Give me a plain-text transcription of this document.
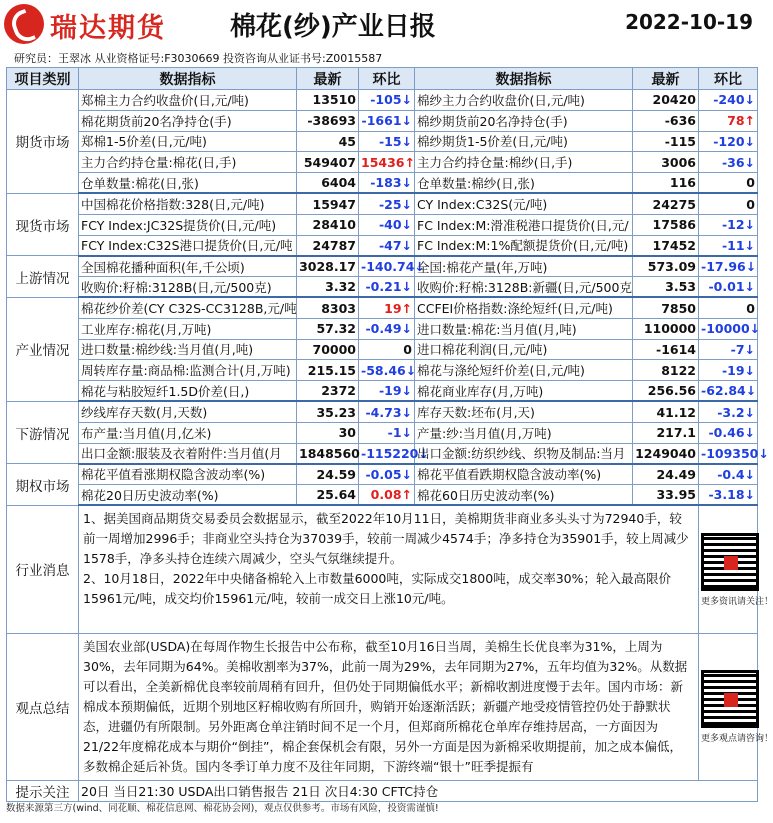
瑞达期货 棉花(纱)产业日报	2022-10-19
研究员：王翠冰 从业资格证号:F3030669 投资咨询从业证书号:Z0015587
项目类别	数据指标	最新	环比	数据指标	最新	环比
期货市场	郑棉主力合约收盘价(日,元/吨)	13510	-105↓	棉纱主力合约收盘价(日,元/吨)	20420	-240↓
	棉花期货前20名净持仓(手)	-38693	-1661↓	棉纱期货前20名净持仓(手)	-636	78↑
	郑棉1-5价差(日,元/吨)	45	-15↓	棉纱期货1-5价差(日,元/吨)	-115	-120↓
	主力合约持仓量:棉花(日,手)	549407	15436↑	主力合约持仓量:棉纱(日,手)	3006	-36↓
	仓单数量:棉花(日,张)	6404	-183↓	仓单数量:棉纱(日,张)	116	0
现货市场	中国棉花价格指数:328(日,元/吨)	15947	-25↓	CY Index:C32S(元/吨)	24275	0
	FCY Index:JC32S提货价(日,元/吨)	28410	-40↓	FC Index:M:滑准税港口提货价(日,元/	17586	-12↓
	FCY Index:C32S港口提货价(日,元/吨	24787	-47↓	FC Index:M:1%配额提货价(日,元/吨)	17452	-11↓
上游情况	全国棉花播种面积(年,千公顷)	3028.17	-140.74↓	全国:棉花产量(年,万吨)	573.09	-17.96↓
	收购价:籽棉:3128B(日,元/500克)	3.32	-0.21↓	收购价:籽棉:3128B:新疆(日,元/500克	3.53	-0.01↓
产业情况	棉花纱价差(CY C32S-CC3128B,元/吨	8303	19↑	CCFEI价格指数:涤纶短纤(日,元/吨)	7850	0
	工业库存:棉花(月,万吨)	57.32	-0.49↓	进口数量:棉花:当月值(月,吨)	110000	-10000↓
	进口数量:棉纱线:当月值(月,吨)	70000	0	进口棉花利润(日,元/吨)	-1614	-7↓
	周转库存量:商品棉:监测合计(月,万吨)	215.15	-58.46↓	棉花与涤纶短纤价差(日,元/吨)	8122	-19↓
	棉花与粘胶短纤1.5D价差(日,)	2372	-19↓	棉花商业库存(月,万吨)	256.56	-62.84↓
下游情况	纱线库存天数(月,天数)	35.23	-4.73↓	库存天数:坯布(月,天)	41.12	-3.2↓
	布产量:当月值(月,亿米)	30	-1↓	产量:纱:当月值(月,万吨)	217.1	-0.46↓
	出口金额:服装及衣着附件:当月值(月	1848560	-115220↓	出口金额:纺织纱线、织物及制品:当月	1249040	-109350↓
期权市场	棉花平值看涨期权隐含波动率(%)	24.59	-0.05↓	棉花平值看跌期权隐含波动率(%)	24.49	-0.4↓
	棉花20日历史波动率(%)	25.64	0.08↑	棉花60日历史波动率(%)	33.95	-3.18↓
行业消息	1、据美国商品期货交易委员会数据显示，截至2022年10月11日，美棉期货非商业多头头寸为72940手，较前一周增加2996手；非商业空头持仓为37039手，较前一周减少4574手；净多持仓为35901手，较上周减少1578手，净多头持仓连续六周减少，空头气氛继续提升。
2、10月18日，2022年中央储备棉轮入上市数量6000吨，实际成交1800吨，成交率30%；轮入最高限价15961元/吨，成交均价15961元/吨，较前一成交日上涨10元/吨。					更多资讯请关注！

观点总结	美国农业部(USDA)在每周作物生长报告中公布称，截至10月16日当周，美棉生长优良率为31%，上周为30%，去年同期为64%。美棉收割率为37%，此前一周为29%，去年同期为27%，五年均值为32%。从数据可以看出，全美新棉优良率较前周稍有回升，但仍处于同期偏低水平；新棉收割进度慢于去年。国内市场：新棉成本预期偏低，近期个别地区籽棉收购有所回升，购销开始逐渐活跃；新疆产地受疫情管控仍处于静默状态，进疆仍有所限制。另外距离仓单注销时间不足一个月，但郑商所棉花仓单库存维持居高，一方面因为21/22年度棉花成本与期价“倒挂”，棉企套保机会有限，另外一方面是因为新棉采收期提前，加之成本偏低，多数棉企延后补货。国内冬季订单力度不及往年同期，下游终端“银十”旺季提振有					更多观点请咨询！

提示关注	20日 当日21:30 USDA出口销售报告 21日 次日4:30 CFTC持仓					
数据来源第三方(wind、同花顺、棉花信息网、棉花协会网)，观点仅供参考。市场有风险，投资需谨慎!
